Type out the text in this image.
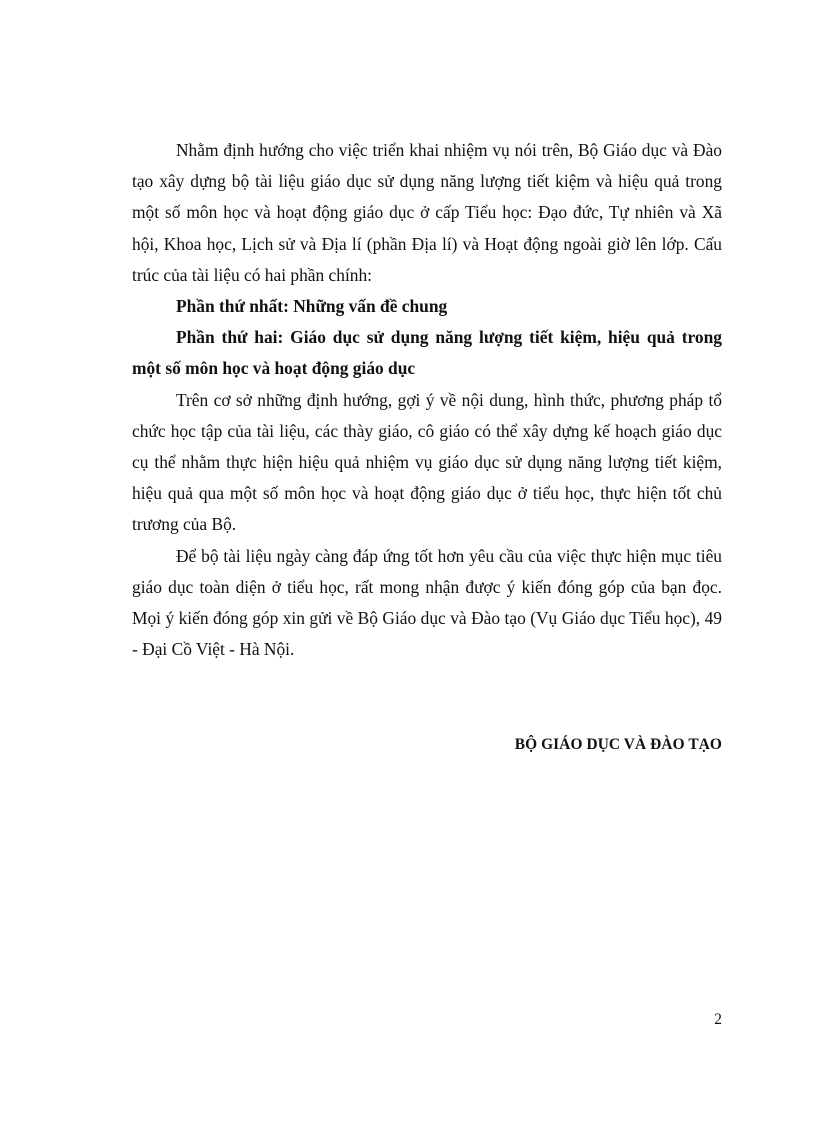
Nhằm định hướng cho việc triển khai nhiệm vụ nói trên, Bộ Giáo dục và Đào tạo xây dựng bộ tài liệu giáo dục sử dụng năng lượng tiết kiệm và hiệu quả trong một số môn học và hoạt động giáo dục ở cấp Tiểu học: Đạo đức, Tự nhiên và Xã hội, Khoa học, Lịch sử và Địa lí (phần Địa lí) và Hoạt động ngoài giờ lên lớp. Cấu trúc của tài liệu có hai phần chính:

Phần thứ nhất: Những vấn đề chung

Phần thứ hai: Giáo dục sử dụng năng lượng tiết kiệm, hiệu quả trong một số môn học và hoạt động giáo dục

Trên cơ sở những định hướng, gợi ý về nội dung, hình thức, phương pháp tổ chức học tập của tài liệu, các thày giáo, cô giáo có thể xây dựng kế hoạch giáo dục cụ thể nhằm thực hiện hiệu quả nhiệm vụ giáo dục sử dụng năng lượng tiết kiệm, hiệu quả qua một số môn học và hoạt động giáo dục ở tiểu học, thực hiện tốt chủ trương của Bộ.

Để bộ tài liệu ngày càng đáp ứng tốt hơn yêu cầu của việc thực hiện mục tiêu giáo dục toàn diện ở tiểu học, rất mong nhận được ý kiến đóng góp của bạn đọc. Mọi ý kiến đóng góp xin gửi về Bộ Giáo dục và Đào tạo (Vụ Giáo dục Tiểu học), 49 - Đại Cồ Việt - Hà Nội.

BỘ GIÁO DỤC VÀ ĐÀO TẠO
2
